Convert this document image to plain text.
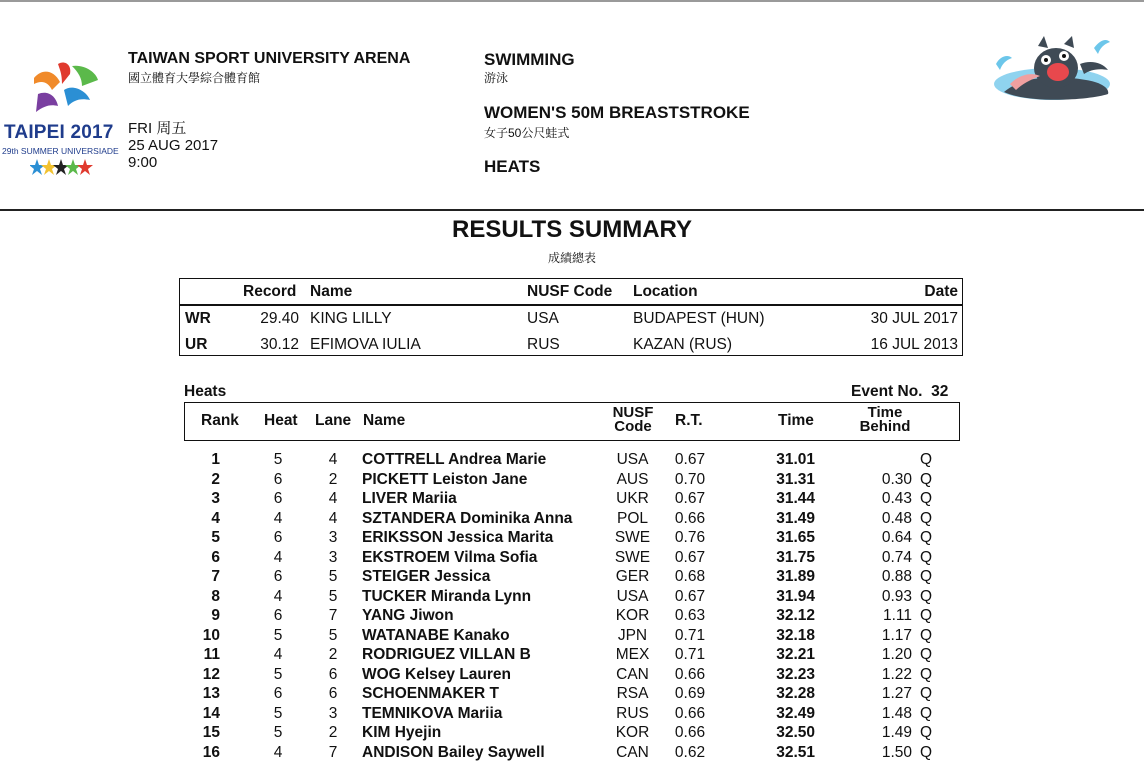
TAIPEI 2017
29th SUMMER UNIVERSIADE
TAIWAN SPORT UNIVERSITY ARENA
國立體育大學綜合體育館
FRI 周五
25 AUG 2017
9:00
SWIMMING
游泳
WOMEN'S 50M BREASTSTROKE
女子50公尺蛙式
HEATS
RESULTS SUMMARY
成績總表
Record Name	NUSF Code Location	Date
WR	29.40 KING LILLY	USA	BUDAPEST (HUN)	30 JUL 2017
UR	30.12 EFIMOVA IULIA	RUS	KAZAN (RUS)	16 JUL 2013
Heats	Event No. 32
Rank Heat Lane Name	NUSF
Code	R.T.	Time	Time
Behind
1	5	4 COTTRELL Andrea Marie	USA	0.67	31.01	Q
2	6	2 PICKETT Leiston Jane	AUS	0.70	31.31	0.30 Q
3	6	4 LIVER Mariia	UKR	0.67	31.44	0.43 Q
4	4	4 SZTANDERA Dominika Anna	POL	0.66	31.49	0.48 Q
5	6	3 ERIKSSON Jessica Marita	SWE	0.76	31.65	0.64 Q
6	4	3 EKSTROEM Vilma Sofia	SWE	0.67	31.75	0.74 Q
7	6	5 STEIGER Jessica	GER	0.68	31.89	0.88 Q
8	4	5 TUCKER Miranda Lynn	USA	0.67	31.94	0.93 Q
9	6	7 YANG Jiwon	KOR	0.63	32.12	1.11 Q
10	5	5 WATANABE Kanako	JPN	0.71	32.18	1.17 Q
11	4	2 RODRIGUEZ VILLAN B	MEX	0.71	32.21	1.20 Q
12	5	6 WOG Kelsey Lauren	CAN	0.66	32.23	1.22 Q
13	6	6 SCHOENMAKER T	RSA	0.69	32.28	1.27 Q
14	5	3 TEMNIKOVA Mariia	RUS	0.66	32.49	1.48 Q
15	5	2 KIM Hyejin	KOR	0.66	32.50	1.49 Q
16	4	7 ANDISON Bailey Saywell	CAN	0.62	32.51	1.50 Q
